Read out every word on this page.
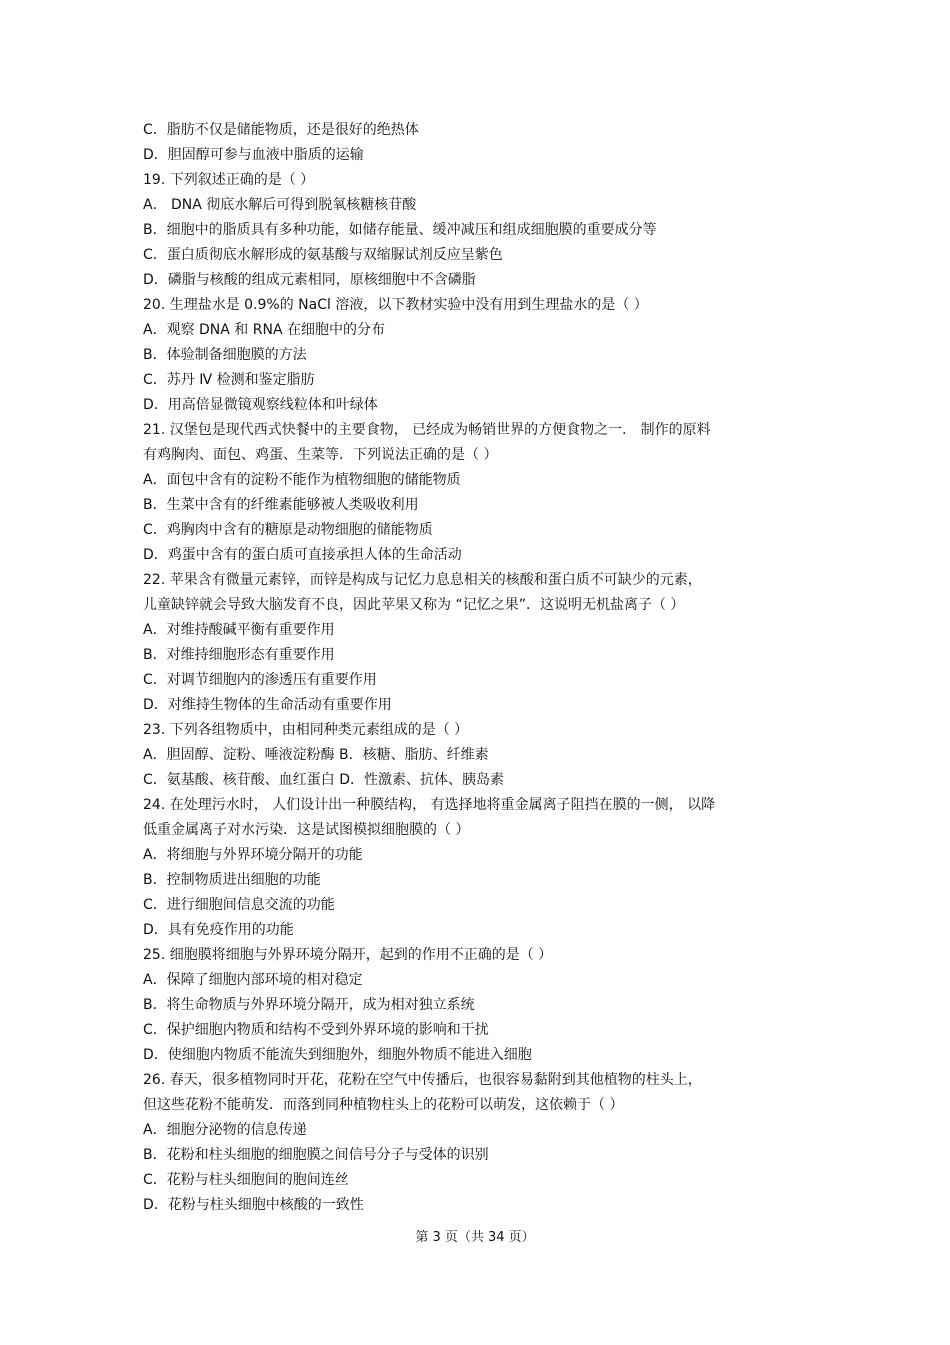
C．脂肪不仅是储能物质，还是很好的绝热体
D．胆固醇可参与血液中脂质的运输
19. 下列叙述正确的是（ ）
A． DNA 彻底水解后可得到脱氧核糖核苷酸
B．细胞中的脂质具有多种功能，如储存能量、缓冲减压和组成细胞膜的重要成分等
C．蛋白质彻底水解形成的氨基酸与双缩脲试剂反应呈紫色
D．磷脂与核酸的组成元素相同，原核细胞中不含磷脂
20. 生理盐水是 0.9%的 NaCl 溶液，以下教材实验中没有用到生理盐水的是（ ）
A．观察 DNA 和 RNA 在细胞中的分布
B．体验制备细胞膜的方法
C．苏丹 Ⅳ 检测和鉴定脂肪
D．用高倍显微镜观察线粒体和叶绿体
21. 汉堡包是现代西式快餐中的主要食物， 已经成为畅销世界的方便食物之一． 制作的原料
有鸡胸肉、面包、鸡蛋、生菜等．下列说法正确的是（ ）
A．面包中含有的淀粉不能作为植物细胞的储能物质
B．生菜中含有的纤维素能够被人类吸收利用
C．鸡胸肉中含有的糖原是动物细胞的储能物质
D．鸡蛋中含有的蛋白质可直接承担人体的生命活动
22. 苹果含有微量元素锌，而锌是构成与记忆力息息相关的核酸和蛋白质不可缺少的元素，
儿童缺锌就会导致大脑发育不良，因此苹果又称为 “记忆之果”．这说明无机盐离子（ ）
A．对维持酸碱平衡有重要作用
B．对维持细胞形态有重要作用
C．对调节细胞内的渗透压有重要作用
D．对维持生物体的生命活动有重要作用
23. 下列各组物质中，由相同种类元素组成的是（ ）
A．胆固醇、淀粉、唾液淀粉酶 B．核糖、脂肪、纤维素
C．氨基酸、核苷酸、血红蛋白 D．性激素、抗体、胰岛素
24. 在处理污水时， 人们设计出一种膜结构， 有选择地将重金属离子阻挡在膜的一侧， 以降
低重金属离子对水污染．这是试图模拟细胞膜的（ ）
A．将细胞与外界环境分隔开的功能
B．控制物质进出细胞的功能
C．进行细胞间信息交流的功能
D．具有免疫作用的功能
25. 细胞膜将细胞与外界环境分隔开，起到的作用不正确的是（ ）
A．保障了细胞内部环境的相对稳定
B．将生命物质与外界环境分隔开，成为相对独立系统
C．保护细胞内物质和结构不受到外界环境的影响和干扰
D．使细胞内物质不能流失到细胞外，细胞外物质不能进入细胞
26. 春天，很多植物同时开花，花粉在空气中传播后，也很容易黏附到其他植物的柱头上，
但这些花粉不能萌发．而落到同种植物柱头上的花粉可以萌发，这依赖于（ ）
A．细胞分泌物的信息传递
B．花粉和柱头细胞的细胞膜之间信号分子与受体的识别
C．花粉与柱头细胞间的胞间连丝
D．花粉与柱头细胞中核酸的一致性
第 3 页（共 34 页）
